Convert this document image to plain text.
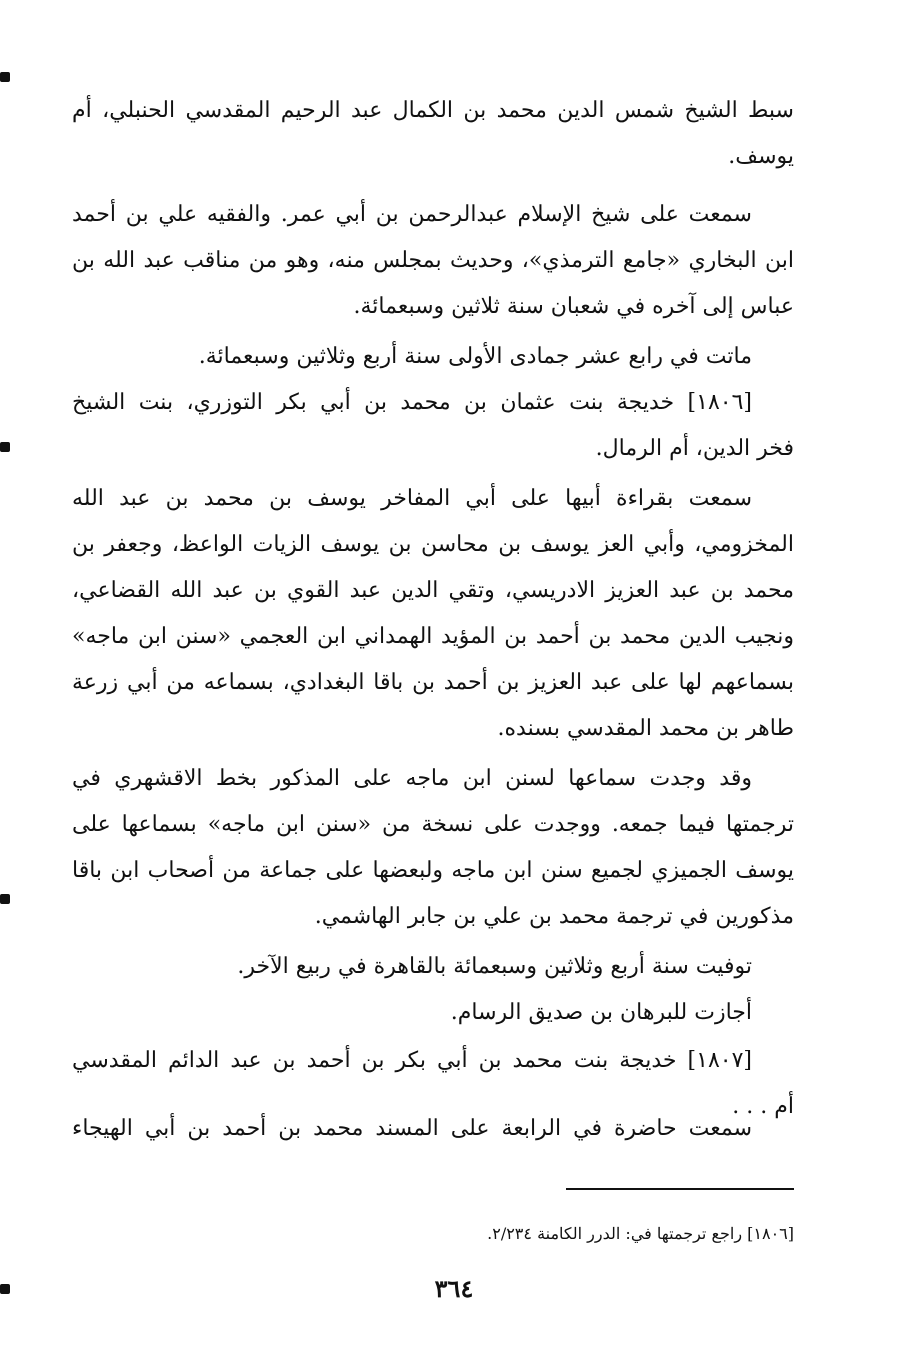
سبط الشيخ شمس الدين محمد بن الكمال عبد الرحيم المقدسي الحنبلي، أم
يوسف.
سمعت على شيخ الإسلام عبدالرحمن بن أبي عمر. والفقيه علي بن أحمد
ابن البخاري «جامع الترمذي»، وحديث بمجلس منه، وهو من مناقب عبد الله بن
عباس إلى آخره في شعبان سنة ثلاثين وسبعمائة.
ماتت في رابع عشر جمادى الأولى سنة أربع وثلاثين وسبعمائة.
[١٨٠٦] خديجة بنت عثمان بن محمد بن أبي بكر التوزري، بنت الشيخ
فخر الدين، أم الرمال.
سمعت بقراءة أبيها على أبي المفاخر يوسف بن محمد بن عبد الله
المخزومي، وأبي العز يوسف بن محاسن بن يوسف الزيات الواعظ، وجعفر بن
محمد بن عبد العزيز الادريسي، وتقي الدين عبد القوي بن عبد الله القضاعي،
ونجيب الدين محمد بن أحمد بن المؤيد الهمداني ابن العجمي «سنن ابن ماجه»
بسماعهم لها على عبد العزيز بن أحمد بن باقا البغدادي، بسماعه من أبي زرعة
طاهر بن محمد المقدسي بسنده.
وقد وجدت سماعها لسنن ابن ماجه على المذكور بخط الاقشهري في
ترجمتها فيما جمعه. ووجدت على نسخة من «سنن ابن ماجه» بسماعها على
يوسف الجميزي لجميع سنن ابن ماجه ولبعضها على جماعة من أصحاب ابن باقا
مذكورين في ترجمة محمد بن علي بن جابر الهاشمي.
توفيت سنة أربع وثلاثين وسبعمائة بالقاهرة في ربيع الآخر.
أجازت للبرهان بن صديق الرسام.
[١٨٠٧] خديجة بنت محمد بن أبي بكر بن أحمد بن عبد الدائم المقدسي
أم . . .
سمعت حاضرة في الرابعة على المسند محمد بن أحمد بن أبي الهيجاء
[١٨٠٦] راجع ترجمتها في: الدرر الكامنة ٢/٢٣٤.
٣٦٤
